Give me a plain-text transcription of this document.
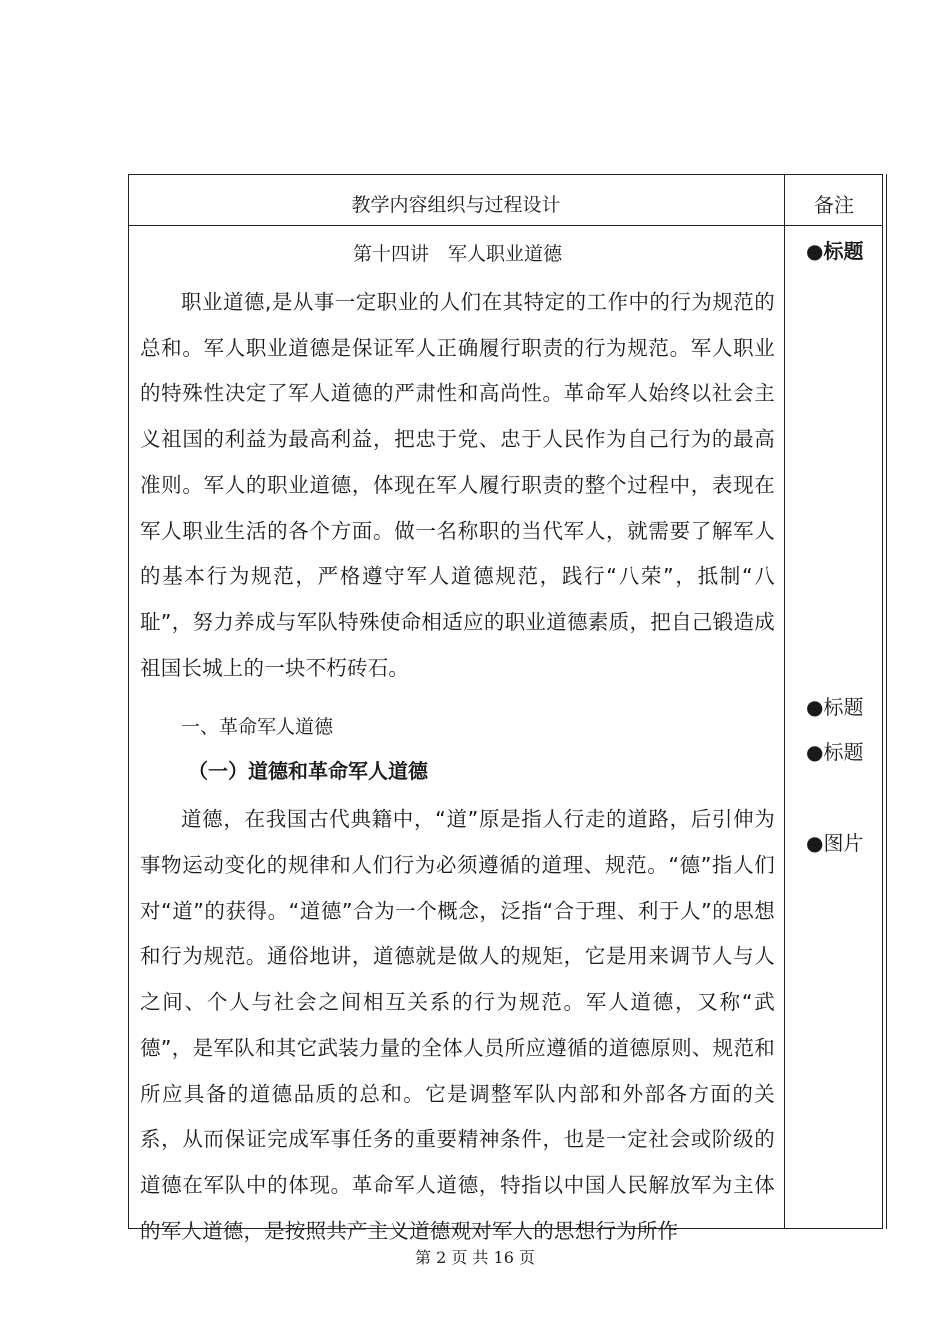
教学内容组织与过程设计	备注

第十四讲　军人职业道德

职业道德,是从事一定职业的人们在其特定的工作中的行为规范的总和。军人职业道德是保证军人正确履行职责的行为规范。军人职业的特殊性决定了军人道德的严肃性和高尚性。革命军人始终以社会主义祖国的利益为最高利益，把忠于党、忠于人民作为自己行为的最高准则。军人的职业道德，体现在军人履行职责的整个过程中，表现在军人职业生活的各个方面。做一名称职的当代军人，就需要了解军人的基本行为规范，严格遵守军人道德规范，践行“八荣”，抵制“八耻”，努力养成与军队特殊使命相适应的职业道德素质，把自己锻造成祖国长城上的一块不朽砖石。

一、革命军人道德

（一）道德和革命军人道德

道德，在我国古代典籍中，“道”原是指人行走的道路，后引伸为事物运动变化的规律和人们行为必须遵循的道理、规范。“德”指人们对“道”的获得。“道德”合为一个概念，泛指“合于理、利于人”的思想和行为规范。通俗地讲，道德就是做人的规矩，它是用来调节人与人之间、个人与社会之间相互关系的行为规范。军人道德，又称“武德”，是军队和其它武装力量的全体人员所应遵循的道德原则、规范和所应具备的道德品质的总和。它是调整军队内部和外部各方面的关系，从而保证完成军事任务的重要精神条件，也是一定社会或阶级的道德在军队中的体现。革命军人道德，特指以中国人民解放军为主体的军人道德，是按照共产主义道德观对军人的思想行为所作

●标题
●标题
●标题
●图片
第 2 页 共 16 页
